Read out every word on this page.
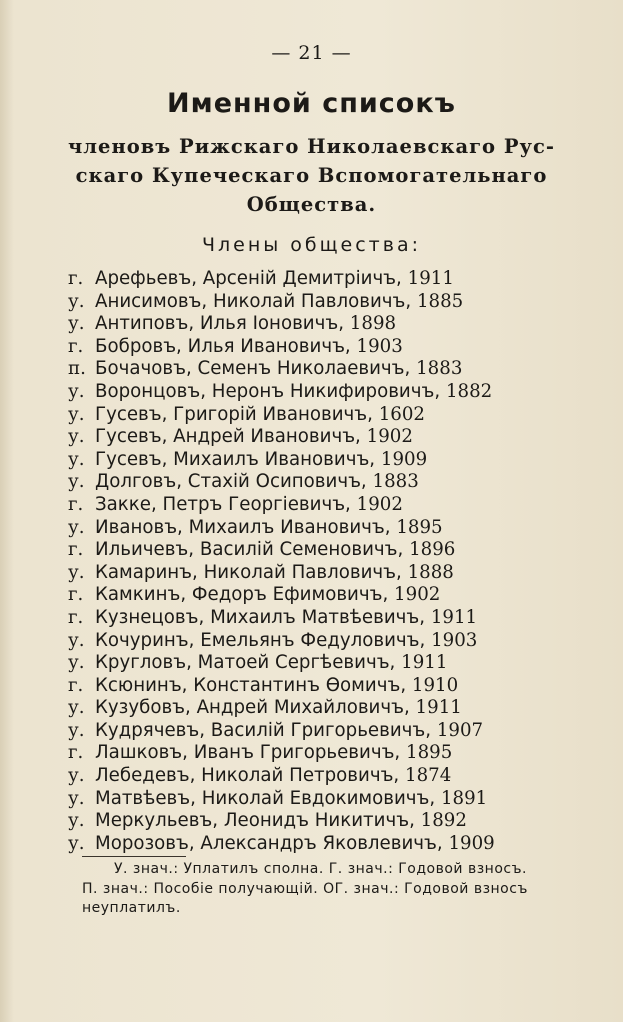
— 21 —
Именной списокъ
членовъ Рижскаго Николаевскаго Рус-
скаго Купеческаго Вспомогательнаго
Общества.
Члены общества:
г. Арефьевъ, Арсеній Демитріичъ, 1911
у. Анисимовъ, Николай Павловичъ, 1885
у. Антиповъ, Илья Іоновичъ, 1898
г. Бобровъ, Илья Ивановичъ, 1903
п. Бочачовъ, Семенъ Николаевичъ, 1883
у. Воронцовъ, Неронъ Никифировичъ, 1882
у. Гусевъ, Григорій Ивановичъ, 1602
у. Гусевъ, Андрей Ивановичъ, 1902
у. Гусевъ, Михаилъ Ивановичъ, 1909
у. Долговъ, Стахій Осиповичъ, 1883
г. Закке, Петръ Георгіевичъ, 1902
у. Ивановъ, Михаилъ Ивановичъ, 1895
г. Ильичевъ, Василій Семеновичъ, 1896
у. Камаринъ, Николай Павловичъ, 1888
г. Камкинъ, Федоръ Ефимовичъ, 1902
г. Кузнецовъ, Михаилъ Матвѣевичъ, 1911
у. Кочуринъ, Емельянъ Федуловичъ, 1903
у. Кругловъ, Матоей Сергѣевичъ, 1911
г. Ксюнинъ, Константинъ Ѳомичъ, 1910
у. Кузубовъ, Андрей Михайловичъ, 1911
у. Кудрячевъ, Василій Григорьевичъ, 1907
г. Лашковъ, Иванъ Григорьевичъ, 1895
у. Лебедевъ, Николай Петровичъ, 1874
у. Матвѣевъ, Николай Евдокимовичъ, 1891
у. Меркульевъ, Леонидъ Никитичъ, 1892
у. Морозовъ, Александръ Яковлевичъ, 1909
У. знач.: Уплатилъ сполна. Г. знач.: Годовой взносъ. П. знач.: Пособіе получающій. ОГ. знач.: Годовой взносъ неуплатилъ.
